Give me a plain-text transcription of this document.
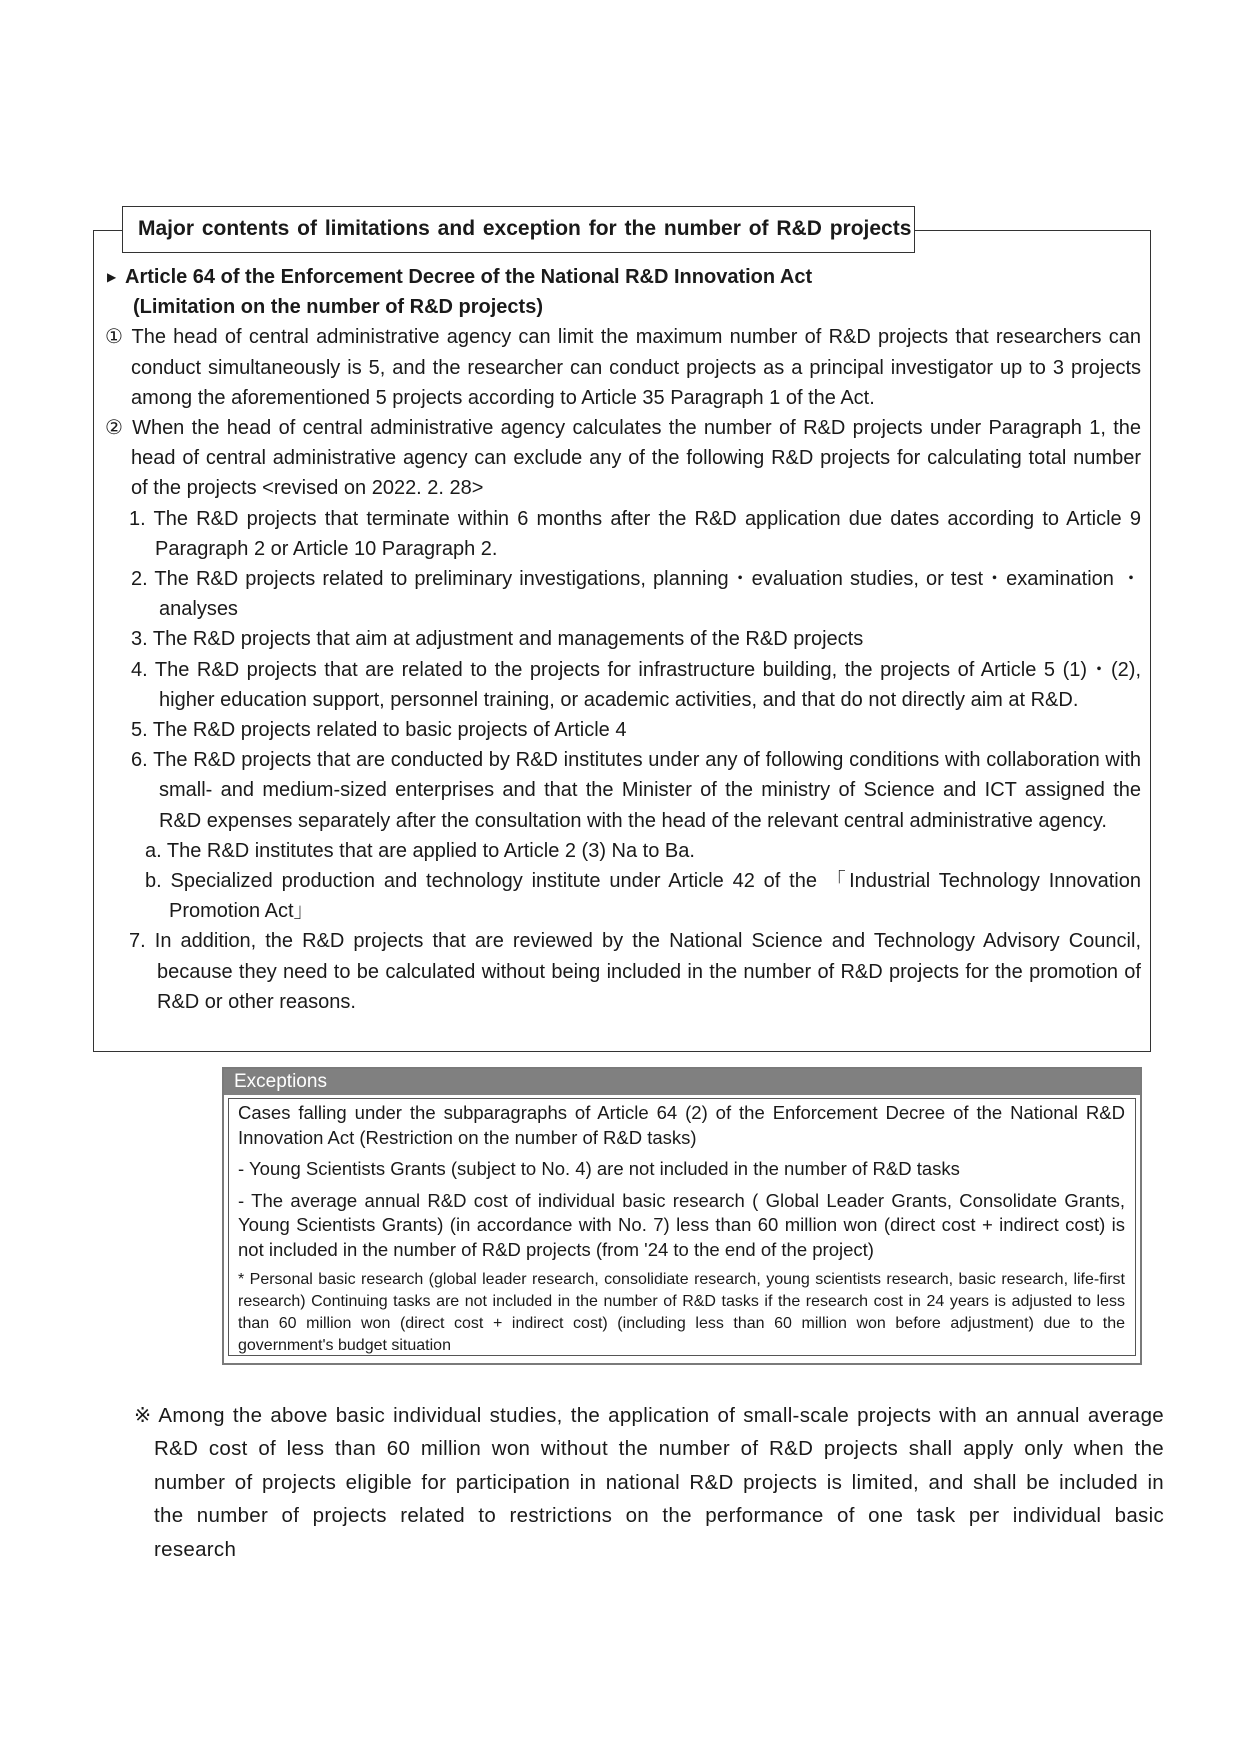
Major contents of limitations and exception for the number of R&D projects

▶ Article 64 of the Enforcement Decree of the National R&D Innovation Act

(Limitation on the number of R&D projects)

① The head of central administrative agency can limit the maximum number of R&D projects that researchers can conduct simultaneously is 5, and the researcher can conduct projects as a principal investigator up to 3 projects among the aforementioned 5 projects according to Article 35 Paragraph 1 of the Act.

② When the head of central administrative agency calculates the number of R&D projects under Paragraph 1, the head of central administrative agency can exclude any of the following R&D projects for calculating total number of the projects <revised on 2022. 2. 28>

1. The R&D projects that terminate within 6 months after the R&D application due dates according to Article 9 Paragraph 2 or Article 10 Paragraph 2.

2. The R&D projects related to preliminary investigations, planning・evaluation studies, or test・examination ・analyses

3. The R&D projects that aim at adjustment and managements of the R&D projects

4. The R&D projects that are related to the projects for infrastructure building, the projects of Article 5 (1)・(2), higher education support, personnel training, or academic activities, and that do not directly aim at R&D.

5. The R&D projects related to basic projects of Article 4

6. The R&D projects that are conducted by R&D institutes under any of following conditions with collaboration with small- and medium-sized enterprises and that the Minister of the ministry of Science and ICT assigned the R&D expenses separately after the consultation with the head of the relevant central administrative agency.

a. The R&D institutes that are applied to Article 2 (3) Na to Ba.

b. Specialized production and technology institute under Article 42 of the 「Industrial Technology Innovation Promotion Act」

7. In addition, the R&D projects that are reviewed by the National Science and Technology Advisory Council, because they need to be calculated without being included in the number of R&D projects for the promotion of R&D or other reasons.

Exceptions

Cases falling under the subparagraphs of Article 64 (2) of the Enforcement Decree of the National R&D Innovation Act (Restriction on the number of R&D tasks)

- Young Scientists Grants (subject to No. 4) are not included in the number of R&D tasks

- The average annual R&D cost of individual basic research ( Global Leader Grants, Consolidate Grants, Young Scientists Grants) (in accordance with No. 7) less than 60 million won (direct cost + indirect cost) is not included in the number of R&D projects (from '24 to the end of the project)

* Personal basic research (global leader research, consolidiate research, young scientists research, basic research, life-first research) Continuing tasks are not included in the number of R&D tasks if the research cost in 24 years is adjusted to less than 60 million won (direct cost + indirect cost) (including less than 60 million won before adjustment) due to the government's budget situation

※ Among the above basic individual studies, the application of small-scale projects with an annual average R&D cost of less than 60 million won without the number of R&D projects shall apply only when the number of projects eligible for participation in national R&D projects is limited, and shall be included in the number of projects related to restrictions on the performance of one task per individual basic research
